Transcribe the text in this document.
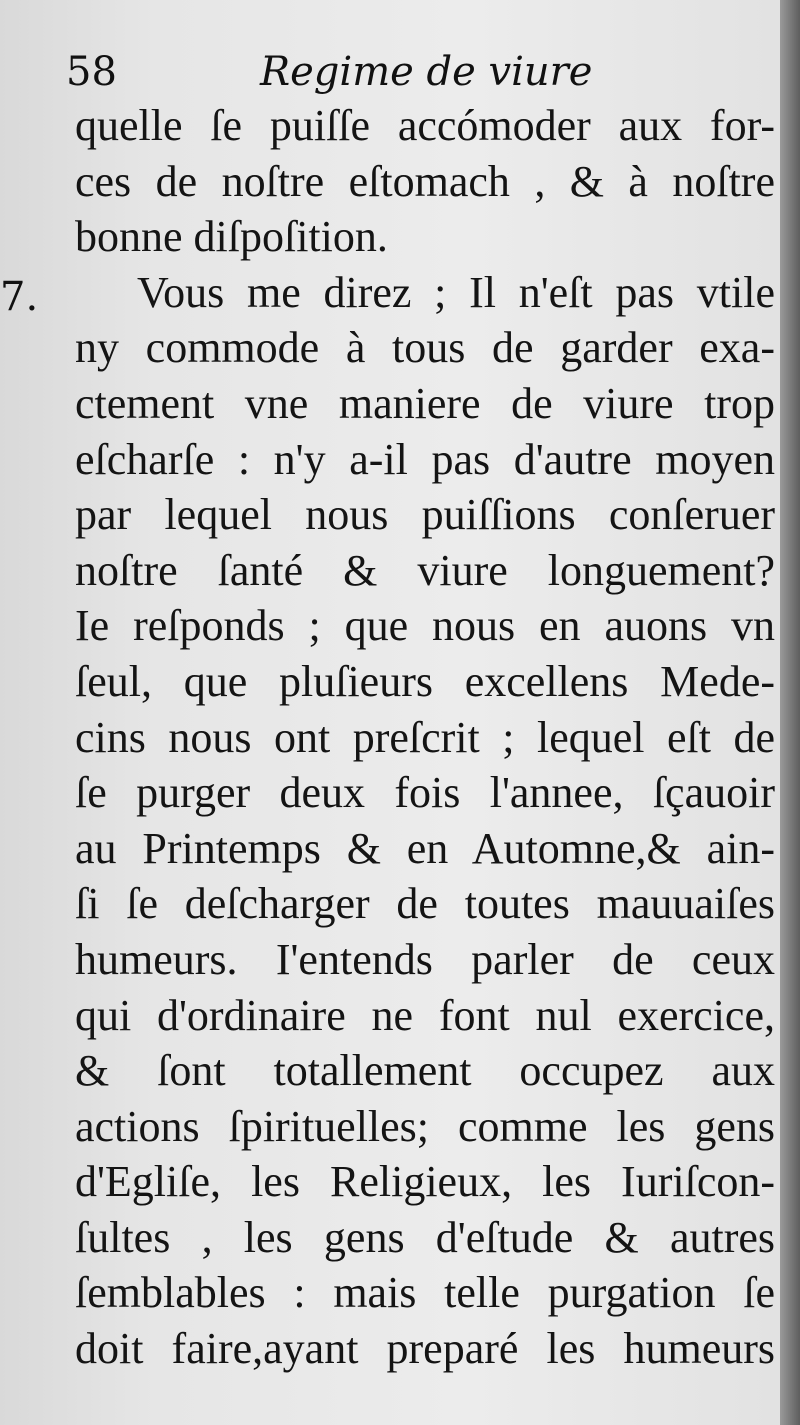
58	Regime de viure
7.
quelle ſe puiſſe accómoder aux for-
ces de noſtre eſtomach , & à noſtre
bonne diſpoſition.
Vous me direz ; Il n'eſt pas vtile
ny commode à tous de garder exa-
ctement vne maniere de viure trop
eſcharſe : n'y a-il pas d'autre moyen
par lequel nous puiſſions conſeruer
noſtre ſanté & viure longuement?
Ie reſponds ; que nous en auons vn
ſeul, que pluſieurs excellens Mede-
cins nous ont preſcrit ; lequel eſt de
ſe purger deux fois l'annee, ſçauoir
au Printemps & en Automne,& ain-
ſi ſe deſcharger de toutes mauuaiſes
humeurs. I'entends parler de ceux
qui d'ordinaire ne font nul exercice,
& ſont totallement occupez aux
actions ſpirituelles; comme les gens
d'Egliſe, les Religieux, les Iuriſcon-
ſultes , les gens d'eſtude & autres
ſemblables : mais telle purgation ſe
doit faire,ayant preparé les humeurs
